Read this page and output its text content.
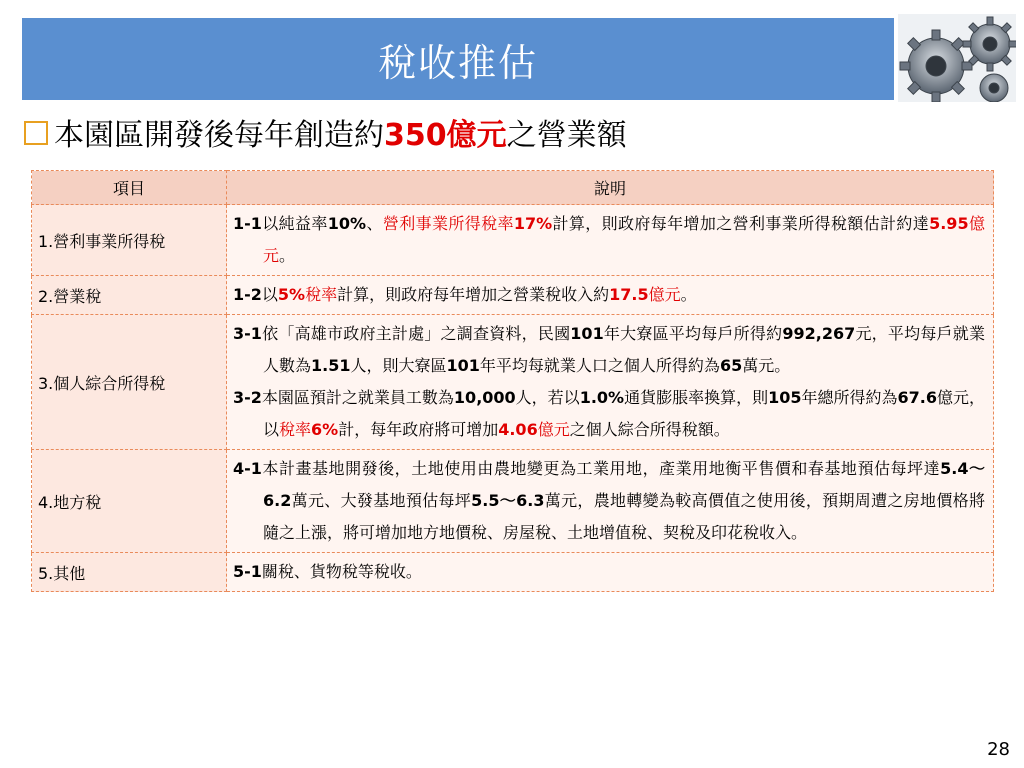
稅收推估
本園區開發後每年創造約 350億元 之營業額
項目	說明
1.營利事業所得稅	1-1以純益率10%、營利事業所得稅率17%計算，則政府每年增加之營利事業所得稅額估計約達5.95億元。

2.營業稅	1-2以5%稅率計算，則政府每年增加之營業稅收入約17.5億元。

3.個人綜合所得稅	3-1依「高雄市政府主計處」之調查資料，民國101年大寮區平均每戶所得約992,267元，平均每戶就業人數為1.51人，則大寮區101年平均每就業人口之個人所得約為65萬元。
3-2本園區預計之就業員工數為10,000人，若以1.0%通貨膨脹率換算，則105年總所得約為67.6億元，以稅率6%計，每年政府將可增加4.06億元之個人綜合所得稅額。

4.地方稅	4-1本計畫基地開發後，土地使用由農地變更為工業用地，產業用地衡平售價和春基地預估每坪達5.4～6.2萬元、大發基地預估每坪5.5～6.3萬元，農地轉變為較高價值之使用後，預期周遭之房地價格將隨之上漲，將可增加地方地價稅、房屋稅、土地增值稅、契稅及印花稅收入。

5.其他	5-1關稅、貨物稅等稅收。
28
